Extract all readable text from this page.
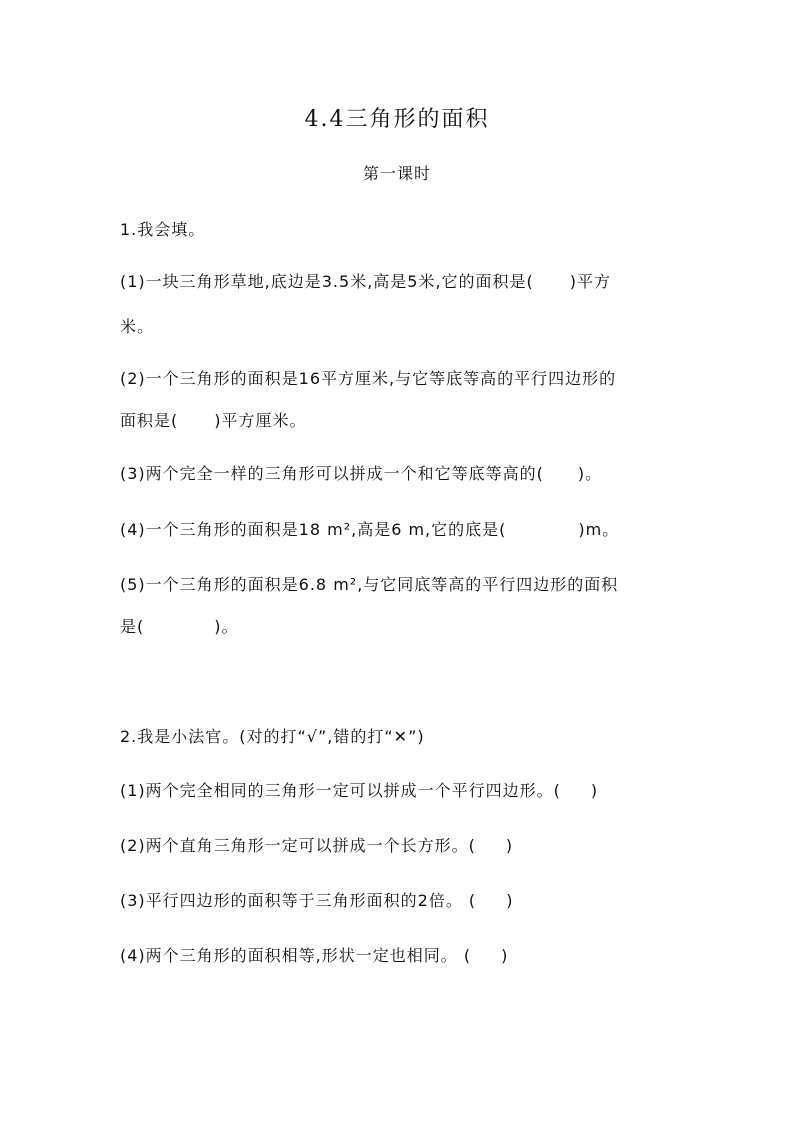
4.4三角形的面积
第一课时
1.我会填。
(1)一块三角形草地,底边是3.5米,高是5米,它的面积是( )平方
米。
(2)一个三角形的面积是16平方厘米,与它等底等高的平行四边形的
面积是( )平方厘米。
(3)两个完全一样的三角形可以拼成一个和它等底等高的( )。
(4)一个三角形的面积是18 m²,高是6 m,它的底是(	)m。
(5)一个三角形的面积是6.8 m²,与它同底等高的平行四边形的面积
是(	)。
2.我是小法官。(对的打“√”,错的打“✕”)
(1)两个完全相同的三角形一定可以拼成一个平行四边形。( )
(2)两个直角三角形一定可以拼成一个长方形。( )
(3)平行四边形的面积等于三角形面积的2倍。 ( )
(4)两个三角形的面积相等,形状一定也相同。 ( )
